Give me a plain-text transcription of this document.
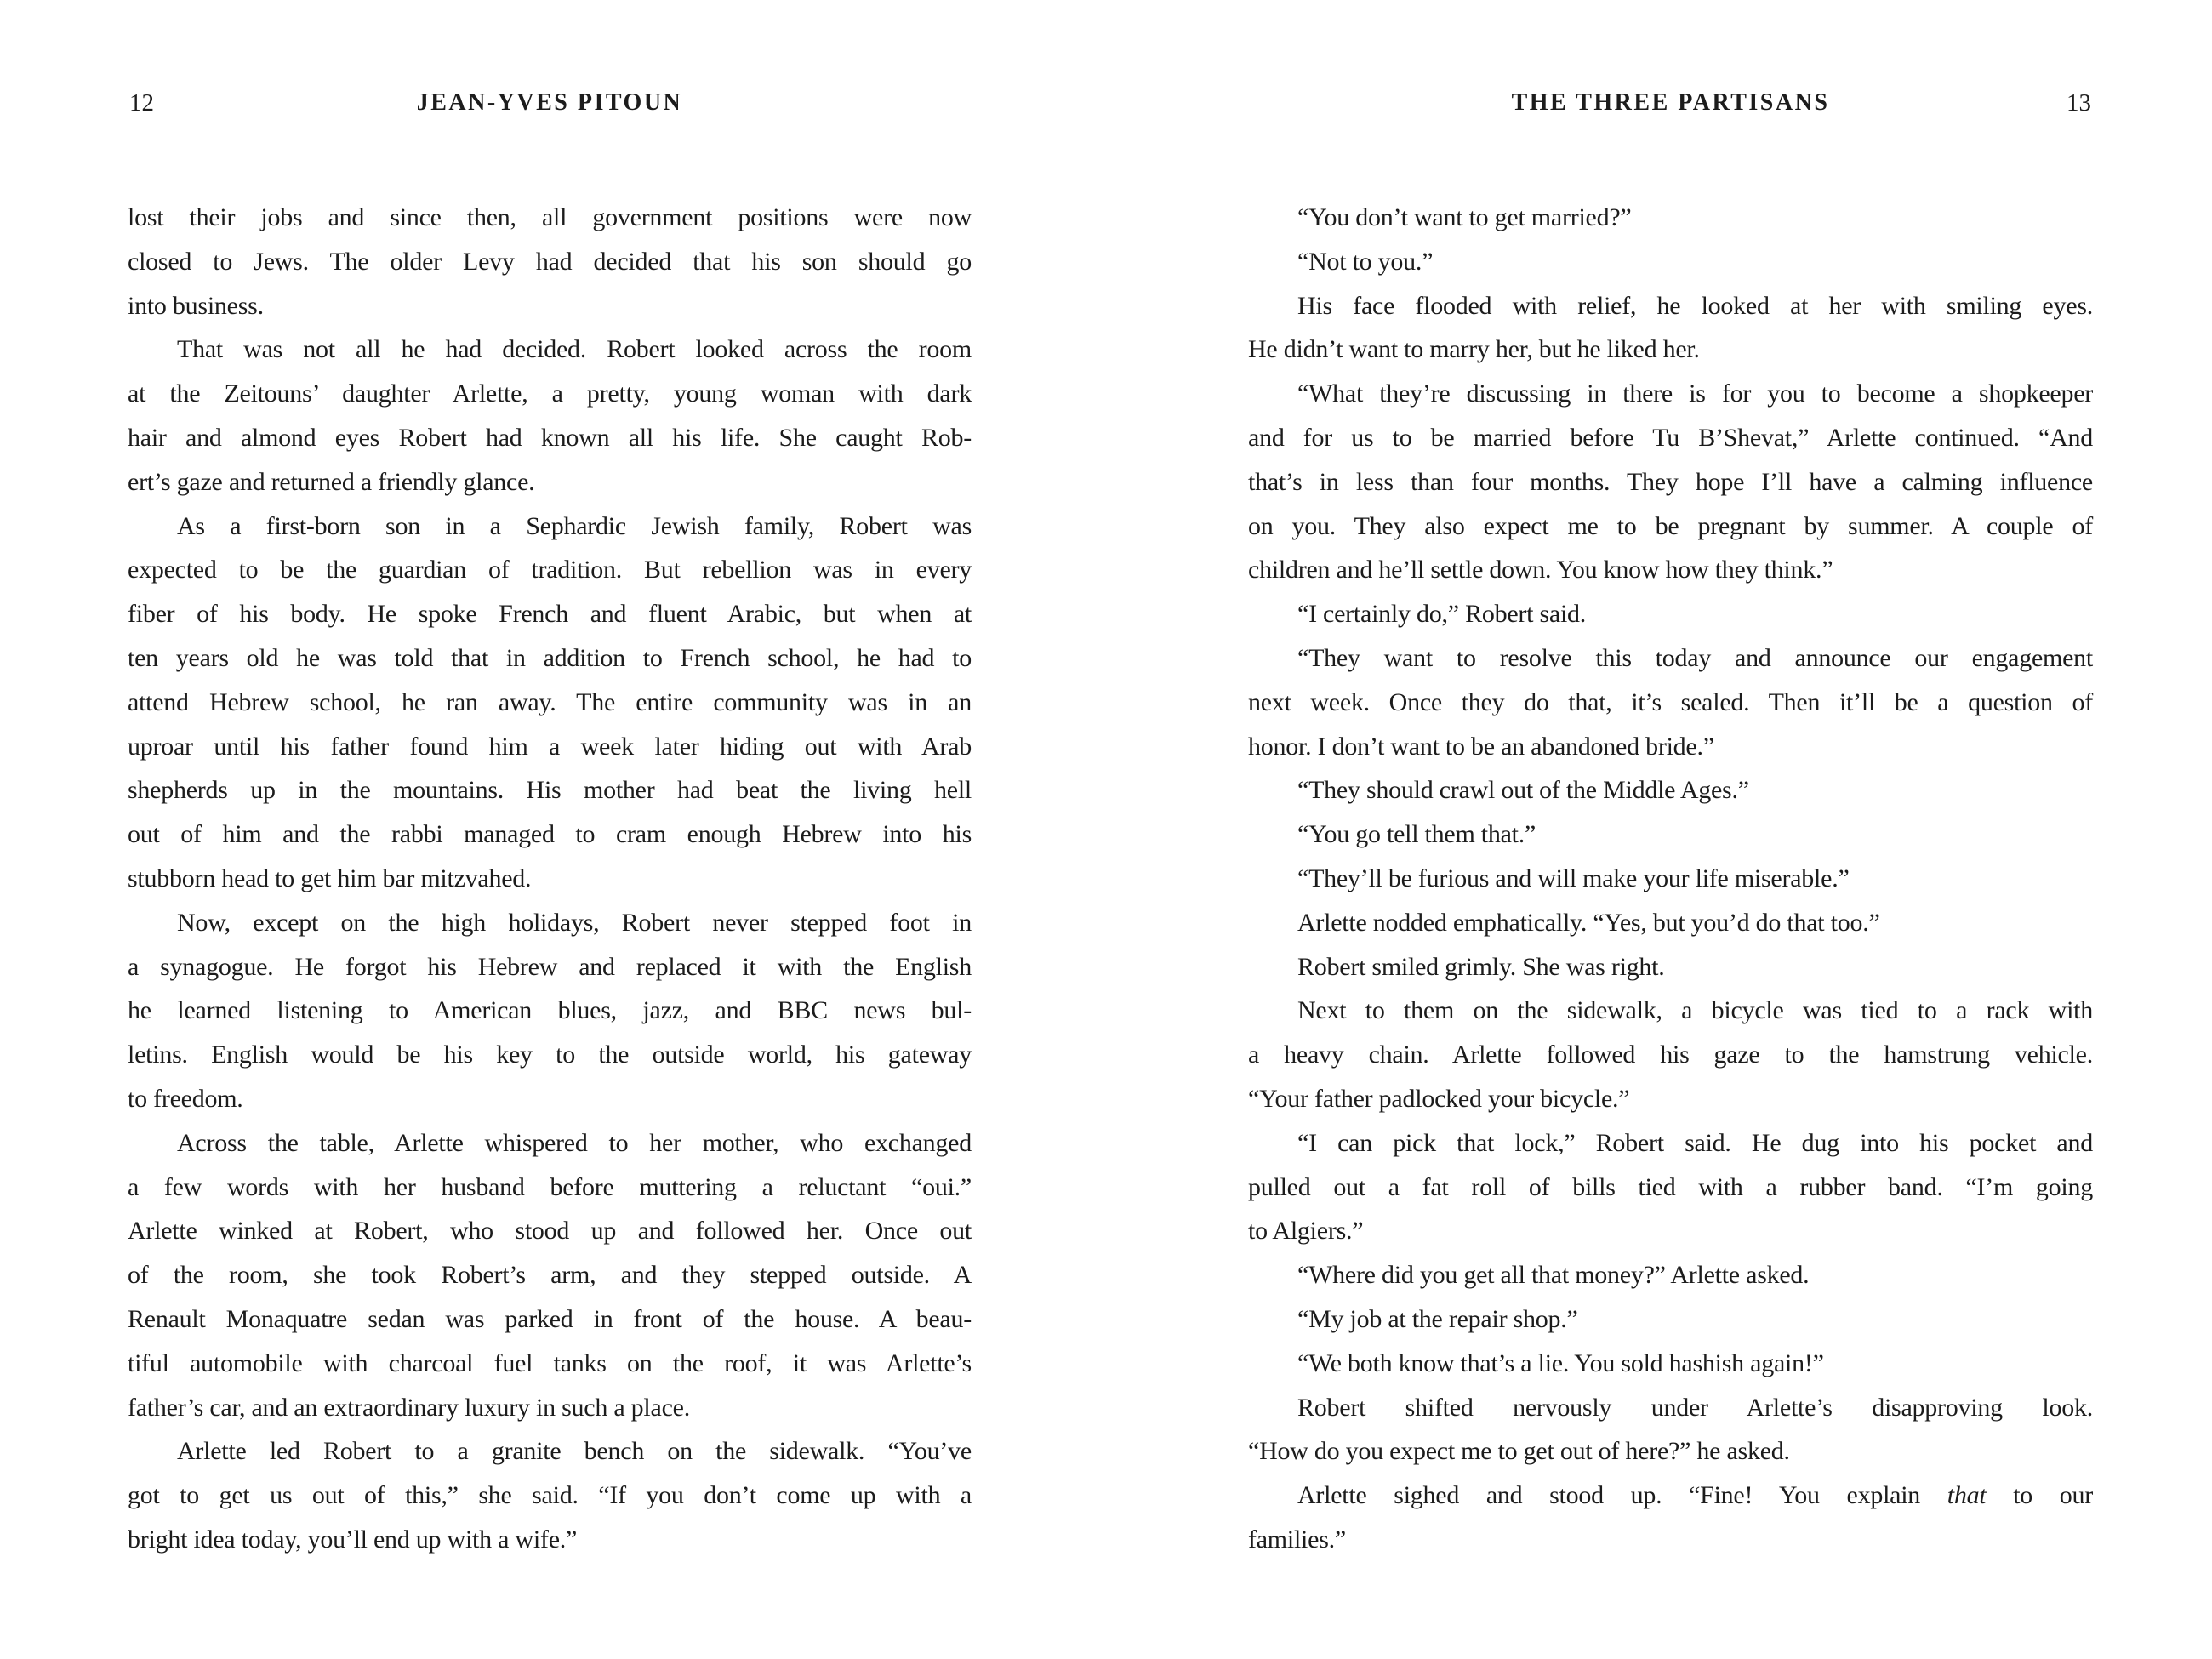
12	JEAN-YVES PITOUN
lost their jobs and since then, all government positions were now
closed to Jews. The older Levy had decided that his son should go
into business.
That was not all he had decided. Robert looked across the room
at the Zeitouns’ daughter Arlette, a pretty, young woman with dark
hair and almond eyes Robert had known all his life. She caught Rob-
ert’s gaze and returned a friendly glance.
As a first-born son in a Sephardic Jewish family, Robert was
expected to be the guardian of tradition. But rebellion was in every
fiber of his body. He spoke French and fluent Arabic, but when at
ten years old he was told that in addition to French school, he had to
attend Hebrew school, he ran away. The entire community was in an
uproar until his father found him a week later hiding out with Arab
shepherds up in the mountains. His mother had beat the living hell
out of him and the rabbi managed to cram enough Hebrew into his
stubborn head to get him bar mitzvahed.
Now, except on the high holidays, Robert never stepped foot in
a synagogue. He forgot his Hebrew and replaced it with the English
he learned listening to American blues, jazz, and BBC news bul-
letins. English would be his key to the outside world, his gateway
to freedom.
Across the table, Arlette whispered to her mother, who exchanged
a few words with her husband before muttering a reluctant “oui.”
Arlette winked at Robert, who stood up and followed her. Once out
of the room, she took Robert’s arm, and they stepped outside. A
Renault Monaquatre sedan was parked in front of the house. A beau-
tiful automobile with charcoal fuel tanks on the roof, it was Arlette’s
father’s car, and an extraordinary luxury in such a place.
Arlette led Robert to a granite bench on the sidewalk. “You’ve
got to get us out of this,” she said. “If you don’t come up with a
bright idea today, you’ll end up with a wife.”
THE THREE PARTISANS	13
“You don’t want to get married?”
“Not to you.”
His face flooded with relief, he looked at her with smiling eyes.
He didn’t want to marry her, but he liked her.
“What they’re discussing in there is for you to become a shopkeeper
and for us to be married before Tu B’Shevat,” Arlette continued. “And
that’s in less than four months. They hope I’ll have a calming influence
on you. They also expect me to be pregnant by summer. A couple of
children and he’ll settle down. You know how they think.”
“I certainly do,” Robert said.
“They want to resolve this today and announce our engagement
next week. Once they do that, it’s sealed. Then it’ll be a question of
honor. I don’t want to be an abandoned bride.”
“They should crawl out of the Middle Ages.”
“You go tell them that.”
“They’ll be furious and will make your life miserable.”
Arlette nodded emphatically. “Yes, but you’d do that too.”
Robert smiled grimly. She was right.
Next to them on the sidewalk, a bicycle was tied to a rack with
a heavy chain. Arlette followed his gaze to the hamstrung vehicle.
“Your father padlocked your bicycle.”
“I can pick that lock,” Robert said. He dug into his pocket and
pulled out a fat roll of bills tied with a rubber band. “I’m going
to Algiers.”
“Where did you get all that money?” Arlette asked.
“My job at the repair shop.”
“We both know that’s a lie. You sold hashish again!”
Robert shifted nervously under Arlette’s disapproving look.
“How do you expect me to get out of here?” he asked.
Arlette sighed and stood up. “Fine! You explain that to our
families.”
